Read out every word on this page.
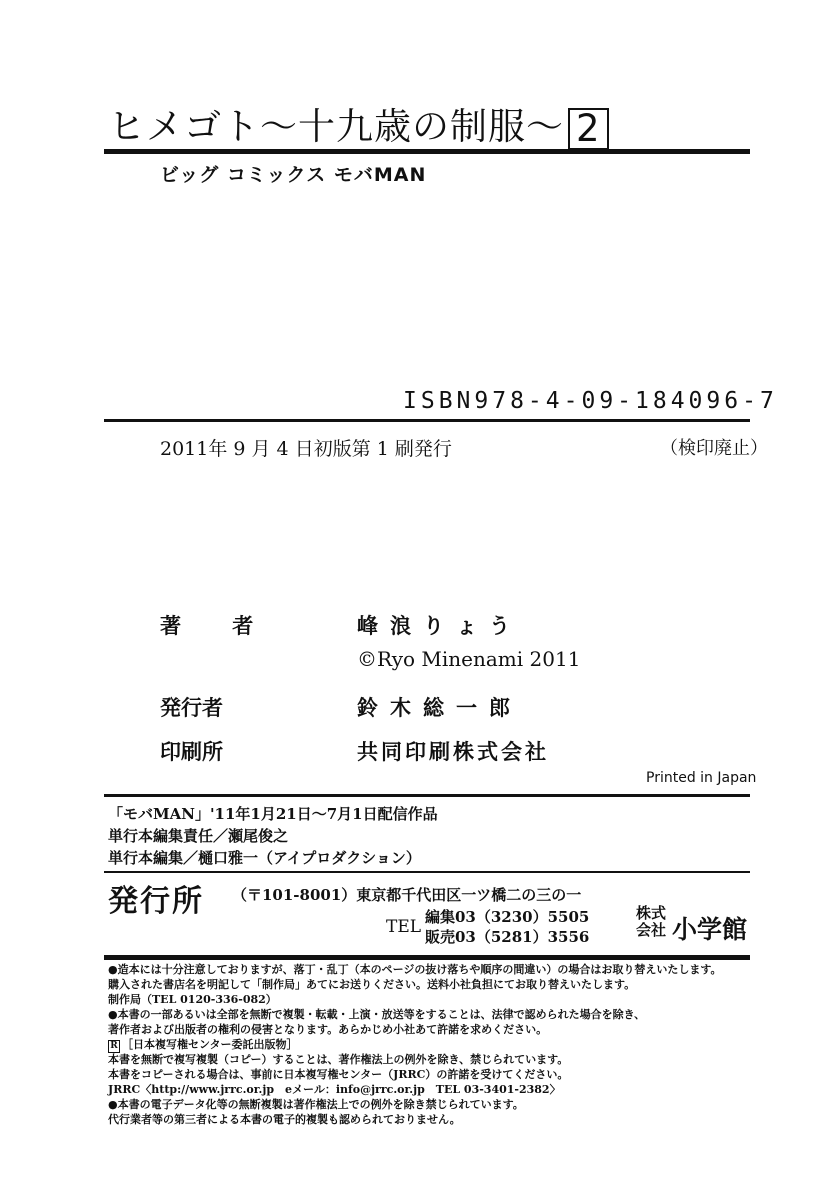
ヒメゴト～十九歳の制服～ 2
ビッグ コミックス モバMAN
ISBN978-4-09-184096-7
2011年 9 月 4 日初版第 1 刷発行	（検印廃止）
著 者	峰浪りょう
©Ryo Minenami 2011
発行者	鈴木総一郎
印刷所	共同印刷株式会社
Printed in Japan
「モバMAN」'11年1月21日～7月1日配信作品
単行本編集責任／瀬尾俊之
単行本編集／樋口雅一（アイプロダクション）
発行所 （〒101-8001）東京都千代田区一ツ橋二の三の一
TEL 編集03（3230）5505
販売03（5281）3556
株式
会社 小学館
●造本には十分注意しておりますが、落丁・乱丁（本のページの抜け落ちや順序の間違い）の場合はお取り替えいたします。
購入された書店名を明記して「制作局」あてにお送りください。送料小社負担にてお取り替えいたします。
制作局（TEL 0120-336-082）
●本書の一部あるいは全部を無断で複製・転載・上演・放送等をすることは、法律で認められた場合を除き、
著作者および出版者の権利の侵害となります。あらかじめ小社あて許諾を求めください。
R ［日本複写権センター委託出版物］
本書を無断で複写複製（コピー）することは、著作権法上の例外を除き、禁じられています。
本書をコピーされる場合は、事前に日本複写権センター（JRRC）の許諾を受けてください。
JRRC〈http://www.jrrc.or.jp　eメール：info@jrrc.or.jp　TEL 03-3401-2382〉
●本書の電子データ化等の無断複製は著作権法上での例外を除き禁じられています。
代行業者等の第三者による本書の電子的複製も認められておりません。
